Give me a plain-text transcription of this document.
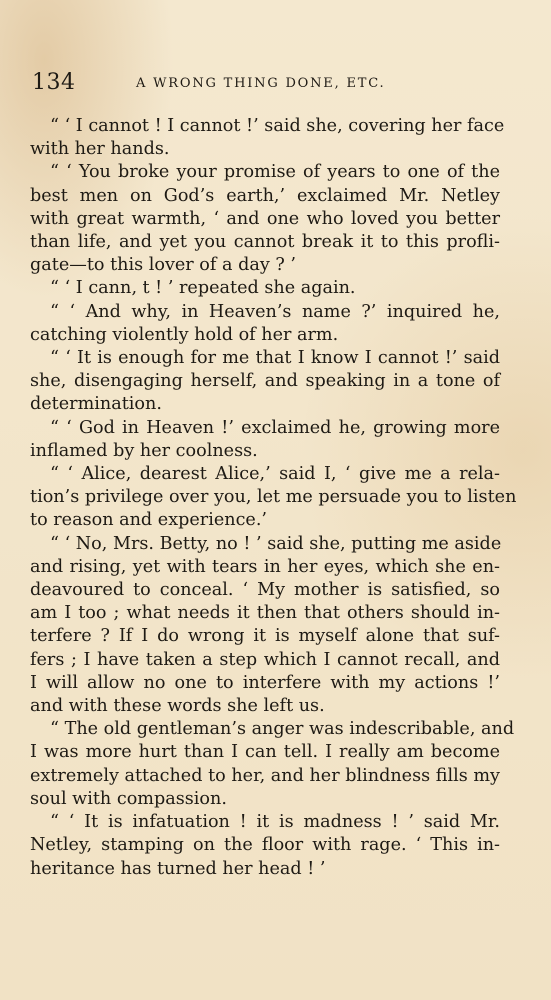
134	A WRONG THING DONE, ETC.
“ ‘ I cannot ! I cannot !’ said she, covering her face
with her hands.
“ ‘ You broke your promise of years to one of the
best men on God’s earth,’ exclaimed Mr. Netley
with great warmth, ‘ and one who loved you better
than life, and yet you cannot break it to this profli-
gate—to this lover of a day ? ’
“ ‘ I cann‚ t ! ’ repeated she again.
“ ‘ And why, in Heaven’s name ?’ inquired he,
catching violently hold of her arm.
“ ‘ It is enough for me that I know I cannot !’ said
she, disengaging herself, and speaking in a tone of
determination.
“ ‘ God in Heaven !’ exclaimed he, growing more
inflamed by her coolness.
“ ‘ Alice, dearest Alice,’ said I, ‘ give me a rela-
tion’s privilege over you, let me persuade you to listen
to reason and experience.’
“ ‘ No, Mrs. Betty, no ! ’ said she, putting me aside
and rising, yet with tears in her eyes, which she en-
deavoured to conceal. ‘ My mother is satisfied, so
am I too ; what needs it then that others should in-
terfere ? If I do wrong it is myself alone that suf-
fers ; I have taken a step which I cannot recall, and
I will allow no one to interfere with my actions !’
and with these words she left us.
“ The old gentleman’s anger was indescribable, and
I was more hurt than I can tell. I really am become
extremely attached to her, and her blindness fills my
soul with compassion.
“ ‘ It is infatuation ! it is madness ! ’ said Mr.
Netley, stamping on the floor with rage. ‘ This in-
heritance has turned her head ! ’
